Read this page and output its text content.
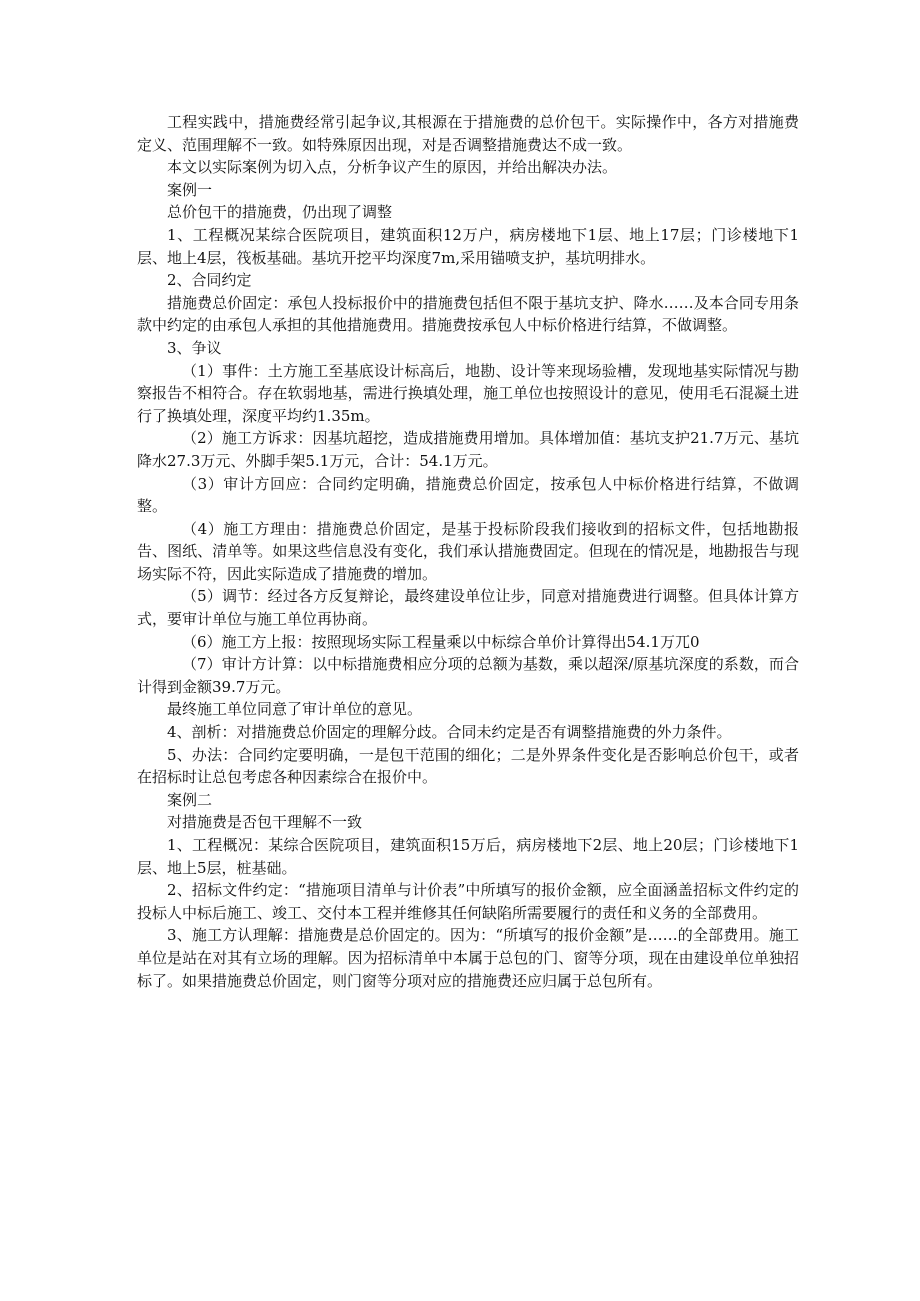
工程实践中，措施费经常引起争议,其根源在于措施费的总价包干。实际操作中，各方对措施费定义、范围理解不一致。如特殊原因出现，对是否调整措施费达不成一致。

本文以实际案例为切入点，分析争议产生的原因，并给出解决办法。

案例一

总价包干的措施费，仍出现了调整

1、工程概况某综合医院项目，建筑面积12万户，病房楼地下1层、地上17层；门诊楼地下1层、地上4层，筏板基础。基坑开挖平均深度7m,采用锚喷支护，基坑明排水。

2、合同约定

措施费总价固定：承包人投标报价中的措施费包括但不限于基坑支护、降水……及本合同专用条款中约定的由承包人承担的其他措施费用。措施费按承包人中标价格进行结算，不做调整。

3、争议

（1）事件：土方施工至基底设计标高后，地勘、设计等来现场验槽，发现地基实际情况与勘察报告不相符合。存在软弱地基，需进行换填处理，施工单位也按照设计的意见，使用毛石混凝土进行了换填处理，深度平均约1.35m。

（2）施工方诉求：因基坑超挖，造成措施费用增加。具体增加值：基坑支护21.7万元、基坑降水27.3万元、外脚手架5.1万元，合计：54.1万元。

（3）审计方回应：合同约定明确，措施费总价固定，按承包人中标价格进行结算，不做调整。

（4）施工方理由：措施费总价固定，是基于投标阶段我们接收到的招标文件，包括地勘报告、图纸、清单等。如果这些信息没有变化，我们承认措施费固定。但现在的情况是，地勘报告与现场实际不符，因此实际造成了措施费的增加。

（5）调节：经过各方反复辩论，最终建设单位让步，同意对措施费进行调整。但具体计算方式，要审计单位与施工单位再协商。

（6）施工方上报：按照现场实际工程量乘以中标综合单价计算得出54.1万兀0

（7）审计方计算：以中标措施费相应分项的总额为基数，乘以超深/原基坑深度的系数，而合计得到金额39.7万元。

最终施工单位同意了审计单位的意见。

4、剖析：对措施费总价固定的理解分歧。合同未约定是否有调整措施费的外力条件。

5、办法：合同约定要明确，一是包干范围的细化；二是外界条件变化是否影响总价包干，或者在招标时让总包考虑各种因素综合在报价中。

案例二

对措施费是否包干理解不一致

1、工程概况：某综合医院项目，建筑面积15万后，病房楼地下2层、地上20层；门诊楼地下1层、地上5层，桩基础。

2、招标文件约定：“措施项目清单与计价表”中所填写的报价金额，应全面涵盖招标文件约定的投标人中标后施工、竣工、交付本工程并维修其任何缺陷所需要履行的责任和义务的全部费用。

3、施工方认理解：措施费是总价固定的。因为：“所填写的报价金额”是……的全部费用。施工单位是站在对其有立场的理解。因为招标清单中本属于总包的门、窗等分项，现在由建设单位单独招标了。如果措施费总价固定，则门窗等分项对应的措施费还应归属于总包所有。
